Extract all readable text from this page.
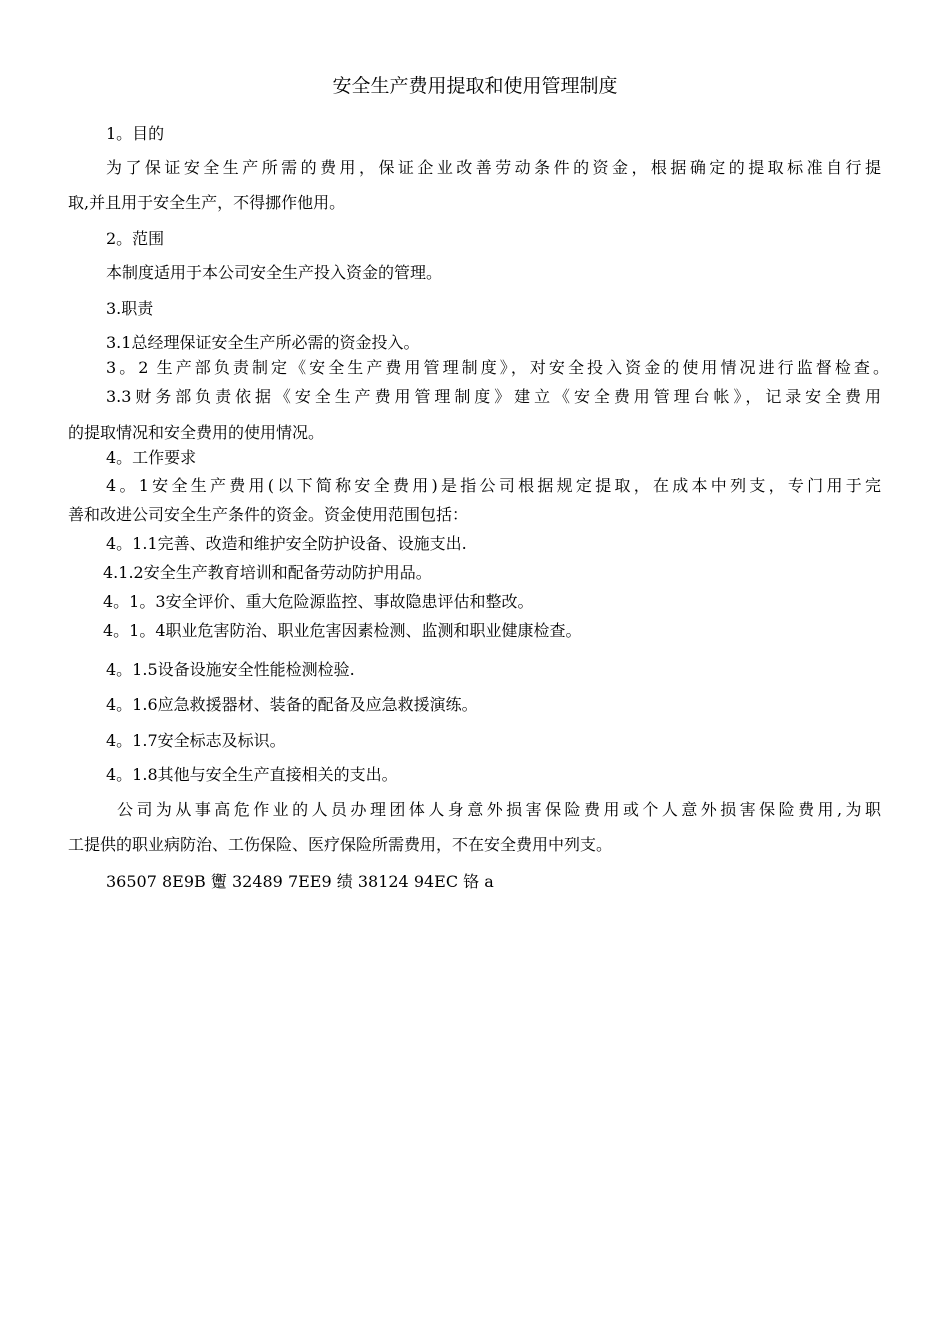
安全生产费用提取和使用管理制度
1。目的
为了保证安全生产所需的费用，保证企业改善劳动条件的资金，根据确定的提取标准自行提
取,并且用于安全生产，不得挪作他用。
2。范围
本制度适用于本公司安全生产投入资金的管理。
3.职责
3.1总经理保证安全生产所必需的资金投入。
3。2 生产部负责制定《安全生产费用管理制度》，对安全投入资金的使用情况进行监督检查。
3.3财务部负责依据《安全生产费用管理制度》建立《安全费用管理台帐》，记录安全费用
的提取情况和安全费用的使用情况。
4。工作要求
4。1安全生产费用(以下简称安全费用)是指公司根据规定提取，在成本中列支，专门用于完
善和改进公司安全生产条件的资金。资金使用范围包括：
4。1.1完善、改造和维护安全防护设备、设施支出.
4.1.2安全生产教育培训和配备劳动防护用品。
4。1。3安全评价、重大危险源监控、事故隐患评估和整改。
4。1。4职业危害防治、职业危害因素检测、监测和职业健康检查。
4。1.5设备设施安全性能检测检验.
4。1.6应急救援器材、装备的配备及应急救援演练。
4。1.7安全标志及标识。
4。1.8其他与安全生产直接相关的支出。
公司为从事高危作业的人员办理团体人身意外损害保险费用或个人意外损害保险费用,为职
工提供的职业病防治、工伤保险、医疗保险所需费用，不在安全费用中列支。
36507 8E9B 躛 32489 7EE9 绩 38124 94EC 铬 a
